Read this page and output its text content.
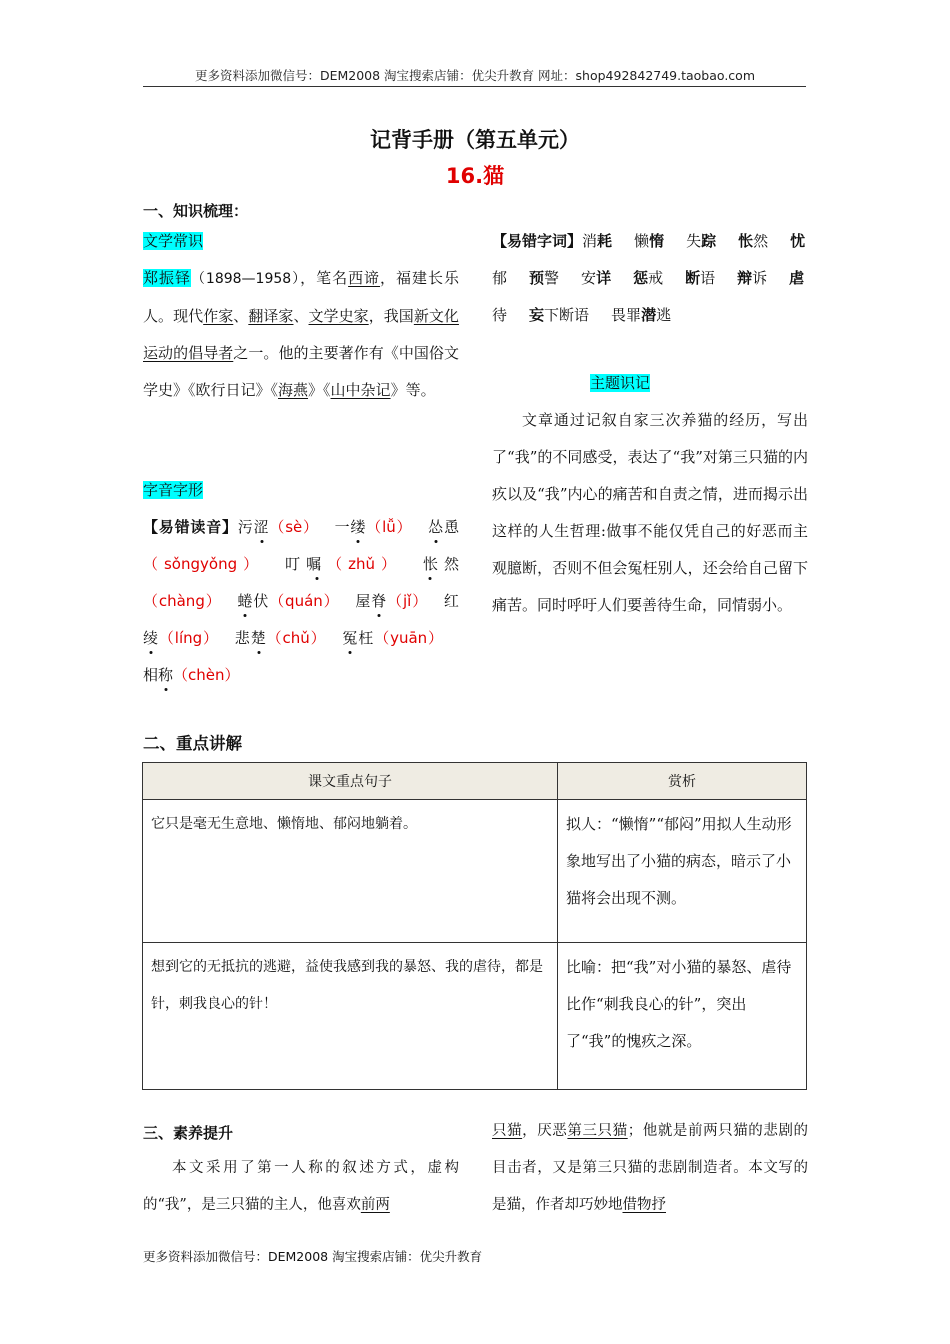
更多资料添加微信号：DEM2008 淘宝搜索店铺：优尖升教育 网址：shop492842749.taobao.com
记背手册（第五单元）
16.猫
一、知识梳理：
文学常识
郑振铎（1898—1958），笔名西谛，福建长乐人。现代作家、翻译家、文学史家，我国新文化运动的倡导者之一。他的主要著作有《中国俗文学史》《欧行日记》《海燕》《山中杂记》等。
字音字形
【易错读音】污涩（sè）  一缕（lǚ）  怂恿（sǒngyǒng）  叮嘱（zhǔ）  怅然（chàng）  蜷伏（quán）  屋脊（jǐ）  红绫（líng）  悲楚（chǔ）  冤枉（yuān） 相称（chèn）
【易错字词】消耗 懒惰 失踪 怅然 忧郁 预警 安详 惩戒 断语 辩诉 虐待 妄下断语 畏罪潜逃
主题识记
文章通过记叙自家三次养猫的经历，写出了“我”的不同感受，表达了“我”对第三只猫的内疚以及“我”内心的痛苦和自责之情，进而揭示出这样的人生哲理:做事不能仅凭自己的好恶而主观臆断，否则不但会冤枉别人，还会给自己留下痛苦。同时呼吁人们要善待生命，同情弱小。
二、重点讲解
课文重点句子	赏析
它只是毫无生意地、懒惰地、郁闷地躺着。	拟人：“懒惰”“郁闷”用拟人生动形象地写出了小猫的病态，暗示了小猫将会出现不测。
想到它的无抵抗的逃避，益使我感到我的暴怒、我的虐待，都是针，刺我良心的针！	比喻：把“我”对小猫的暴怒、虐待比作“刺我良心的针”，突出了“我”的愧疚之深。
三、素养提升
本文采用了第一人称的叙述方式，虚构的“我”，是三只猫的主人，他喜欢前两
只猫，厌恶第三只猫；他就是前两只猫的悲剧的目击者，又是第三只猫的悲剧制造者。本文写的是猫，作者却巧妙地借物抒
更多资料添加微信号：DEM2008 淘宝搜索店铺：优尖升教育
